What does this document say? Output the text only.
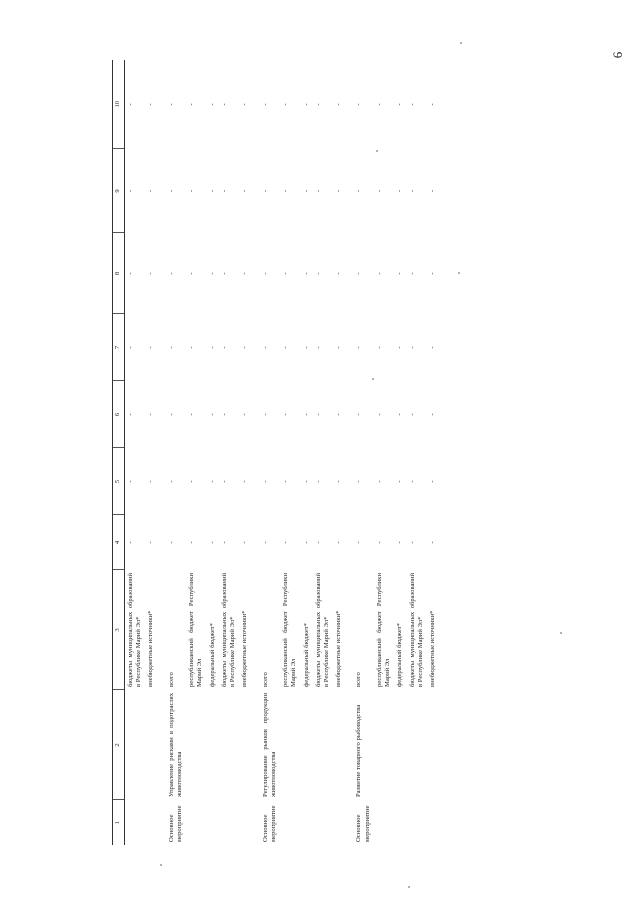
6
1	2	3	4	5	6	7	8	9	10
		бюджеты муниципальных образований в Республике Марий Эл*	-	-	-	-	-	-	-
		внебюджетные источники*	-	-	-	-	-	-	-

Основное мероприятие	Управление рисками в подотраслях животноводства	всего	-	-	-	-	-	-	-
		республиканский бюджет Республики Марий Эл	-	-	-	-	-	-	-
		федеральный бюджет*	-	-	-	-	-	-	-
		бюджеты муниципальных образований в Республике Марий Эл*	-	-	-	-	-	-	-
		внебюджетные источники*	-	-	-	-	-	-	-

Основное мероприятие	Регулирование рынков продукции животноводства	всего	-	-	-	-	-	-	-
		республиканский бюджет Республики Марий Эл	-	-	-	-	-	-	-
		федеральный бюджет*	-	-	-	-	-	-	-
		бюджеты муниципальных образований в Республике Марий Эл*	-	-	-	-	-	-	-
		внебюджетные источники*	-	-	-	-	-	-	-

Основное мероприятие	Развитие товарного рыбоводства	всего	-	-	-	-	-	-	-
		республиканский бюджет Республики Марий Эл	-	-	-	-	-	-	-
		федеральный бюджет*	-	-	-	-	-	-	-
		бюджеты муниципальных образований в Республике Марий Эл*	-	-	-	-	-	-	-
		внебюджетные источники*	-	-	-	-	-	-	-
